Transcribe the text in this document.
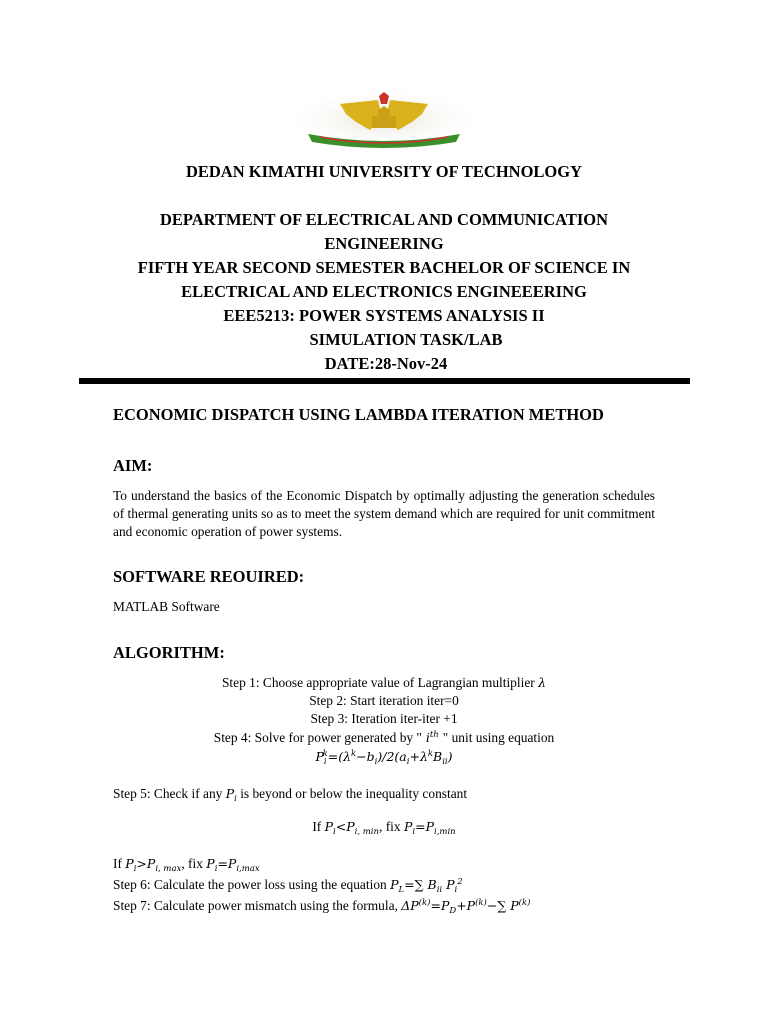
DEDAN KIMATHI UNIVERSITY OF TECHNOLOGY
DEPARTMENT OF ELECTRICAL AND COMMUNICATION
ENGINEERING
FIFTH YEAR SECOND SEMESTER BACHELOR OF SCIENCE IN
ELECTRICAL AND ELECTRONICS ENGINEEERING
EEE5213: POWER SYSTEMS ANALYSIS II
SIMULATION TASK/LAB
DATE:28-Nov-24
ECONOMIC DISPATCH USING LAMBDA ITERATION METHOD
AIM:
To understand the basics of the Economic Dispatch by optimally adjusting the generation schedules of thermal generating units so as to meet the system demand which are required for unit commitment and economic operation of power systems.
SOFTWARE REOUIRED:
MATLAB Software
ALGORITHM:
Step 1: Choose appropriate value of Lagrangian multiplier λ
Step 2: Start iteration iter=0
Step 3: Iteration iter-iter +1
Step 4: Solve for power generated by " $i^{th}$ " unit using equation
$P_i^k=(\lambda^k-b_i)/2(a_i+\lambda^kB_{ii})$
Step 5: Check if any $P_i$ is beyond or below the inequality constant
If $P_i<P_{i, min}$, fix $P_i=P_{i,min}$
If $P_i>P_{i, max}$, fix $P_i=P_{i,max}$
Step 6: Calculate the power loss using the equation $P_L=\sum$ $B_{ii}$ $P_i^2$
Step 7: Calculate power mismatch using the formula, $\Delta P^{(k)}=P_D+P^{(k)}-\sum$ $P^{(k)}$
